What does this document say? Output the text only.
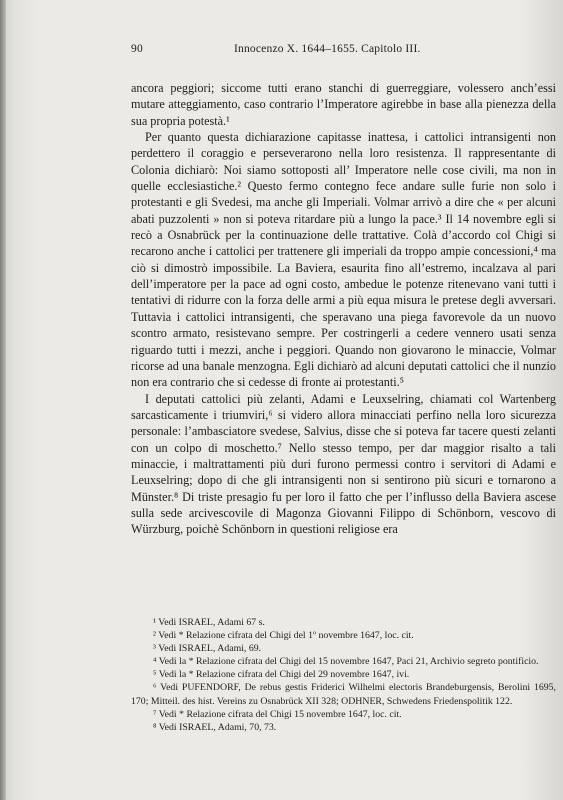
90	Innocenzo X. 1644–1655. Capitolo III.

ancora peggiori; siccome tutti erano stanchi di guerreggiare, volessero anch’essi mutare atteggiamento, caso contrario l’Imperatore agirebbe in base alla pienezza della sua propria potestà.¹

Per quanto questa dichiarazione capitasse inattesa, i cattolici intransigenti non perdettero il coraggio e perseverarono nella loro resistenza. Il rappresentante di Colonia dichiarò: Noi siamo sottoposti all’ Imperatore nelle cose civili, ma non in quelle ecclesiastiche.² Questo fermo contegno fece andare sulle furie non solo i protestanti e gli Svedesi, ma anche gli Imperiali. Volmar arrivò a dire che « per alcuni abati puzzolenti » non si poteva ritardare più a lungo la pace.³ Il 14 novembre egli si recò a Osnabrück per la continuazione delle trattative. Colà d’accordo col Chigi si recarono anche i cattolici per trattenere gli imperiali da troppo ampie concessioni,⁴ ma ciò si dimostrò impossibile. La Baviera, esaurita fino all’estremo, incalzava al pari dell’imperatore per la pace ad ogni costo, ambedue le potenze ritenevano vani tutti i tentativi di ridurre con la forza delle armi a più equa misura le pretese degli avversari. Tuttavia i cattolici intransigenti, che speravano una piega favorevole da un nuovo scontro armato, resistevano sempre. Per costringerli a cedere vennero usati senza riguardo tutti i mezzi, anche i peggiori. Quando non giovarono le minaccie, Volmar ricorse ad una banale menzogna. Egli dichiarò ad alcuni deputati cattolici che il nunzio non era contrario che si cedesse di fronte ai protestanti.⁵

I deputati cattolici più zelanti, Adami e Leuxselring, chiamati col Wartenberg sarcasticamente i triumviri,⁶ si videro allora minacciati perfino nella loro sicurezza personale: l’ambasciatore svedese, Salvius, disse che si poteva far tacere questi zelanti con un colpo di moschetto.⁷ Nello stesso tempo, per dar maggior risalto a tali minaccie, i maltrattamenti più duri furono permessi contro i servitori di Adami e Leuxselring; dopo di che gli intransigenti non si sentirono più sicuri e tornarono a Münster.⁸ Di triste presagio fu per loro il fatto che per l’influsso della Baviera ascese sulla sede arcivescovile di Magonza Giovanni Filippo di Schönborn, vescovo di Würzburg, poichè Schönborn in questioni religiose era

¹ Vedi ISRAEL, Adami 67 s.

² Vedi * Relazione cifrata del Chigi del 1º novembre 1647, loc. cit.

³ Vedi ISRAEL, Adami, 69.

⁴ Vedi la * Relazione cifrata del Chigi del 15 novembre 1647, Paci 21, Archivio segreto pontificio.

⁵ Vedi la * Relazione cifrata del Chigi del 29 novembre 1647, ivi.

⁶ Vedi PUFENDORF, De rebus gestis Friderici Wilhelmi electoris Brandeburgensis, Berolini 1695, 170; Mitteil. des hist. Vereins zu Osnabrück XII 328; ODHNER, Schwedens Friedenspolitik 122.

⁷ Vedi * Relazione cifrata del Chigi 15 novembre 1647, loc. cit.

⁸ Vedi ISRAEL, Adami, 70, 73.
